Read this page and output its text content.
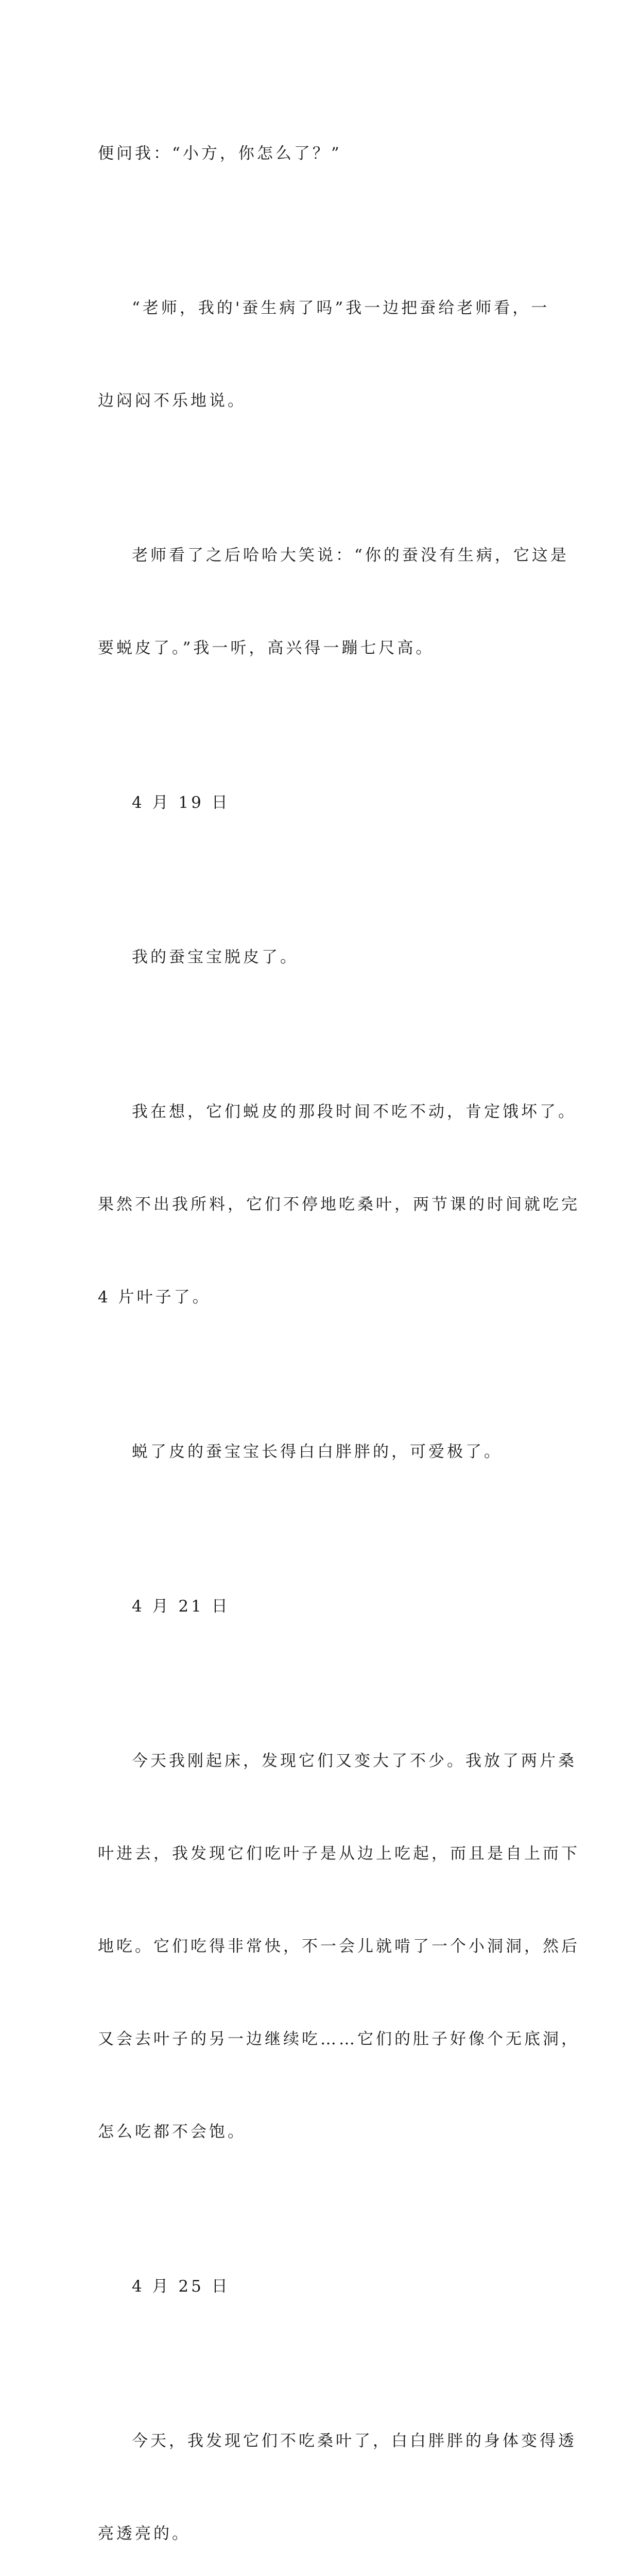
便问我：“小方，你怎么了？”

“老师，我的'蚕生病了吗”我一边把蚕给老师看，一

边闷闷不乐地说。

老师看了之后哈哈大笑说：“你的蚕没有生病，它这是

要蜕皮了。”我一听，高兴得一蹦七尺高。

4 月 19 日

我的蚕宝宝脱皮了。

我在想，它们蜕皮的那段时间不吃不动，肯定饿坏了。

果然不出我所料，它们不停地吃桑叶，两节课的时间就吃完

4 片叶子了。

蜕了皮的蚕宝宝长得白白胖胖的，可爱极了。

4 月 21 日

今天我刚起床，发现它们又变大了不少。我放了两片桑

叶进去，我发现它们吃叶子是从边上吃起，而且是自上而下

地吃。它们吃得非常快，不一会儿就啃了一个小洞洞，然后

又会去叶子的另一边继续吃……它们的肚子好像个无底洞，

怎么吃都不会饱。

4 月 25 日

今天，我发现它们不吃桑叶了，白白胖胖的身体变得透

亮透亮的。
